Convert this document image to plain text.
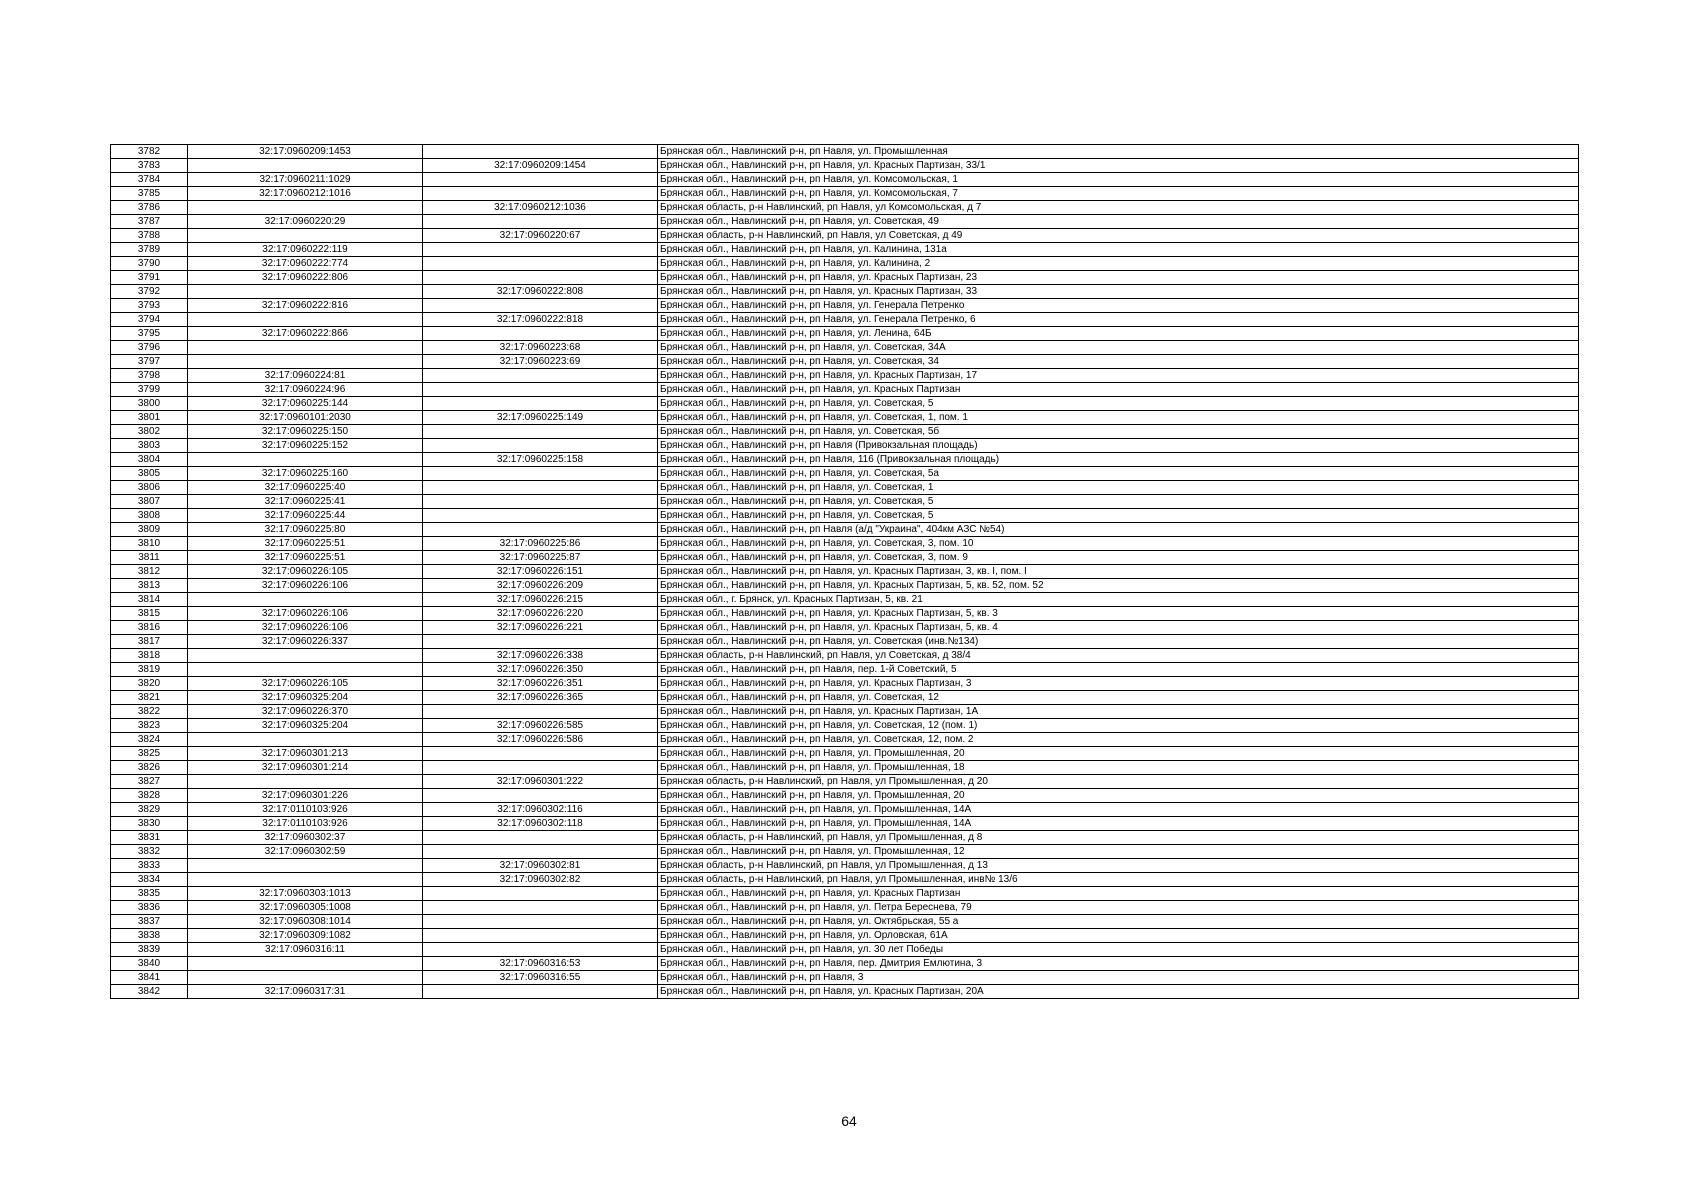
3782	32:17:0960209:1453		Брянская обл., Навлинский р-н, рп Навля, ул. Промышленная
3783		32:17:0960209:1454	Брянская обл., Навлинский р-н, рп Навля, ул. Красных Партизан, 33/1
3784	32:17:0960211:1029		Брянская обл., Навлинский р-н, рп Навля, ул. Комсомольская, 1
3785	32:17:0960212:1016		Брянская обл., Навлинский р-н, рп Навля, ул. Комсомольская, 7
3786		32:17:0960212:1036	Брянская область, р-н Навлинский, рп Навля, ул Комсомольская, д 7
3787	32:17:0960220:29		Брянская обл., Навлинский р-н, рп Навля, ул. Советская, 49
3788		32:17:0960220:67	Брянская область, р-н Навлинский, рп Навля, ул Советская, д 49
3789	32:17:0960222:119		Брянская обл., Навлинский р-н, рп Навля, ул. Калинина, 131а
3790	32:17:0960222:774		Брянская обл., Навлинский р-н, рп Навля, ул. Калинина, 2
3791	32:17:0960222:806		Брянская обл., Навлинский р-н, рп Навля, ул. Красных Партизан, 23
3792		32:17:0960222:808	Брянская обл., Навлинский р-н, рп Навля, ул. Красных Партизан, 33
3793	32:17:0960222:816		Брянская обл., Навлинский р-н, рп Навля, ул. Генерала Петренко
3794		32:17:0960222:818	Брянская обл., Навлинский р-н, рп Навля, ул. Генерала Петренко, 6
3795	32:17:0960222:866		Брянская обл., Навлинский р-н, рп Навля, ул. Ленина, 64Б
3796		32:17:0960223:68	Брянская обл., Навлинский р-н, рп Навля, ул. Советская, 34А
3797		32:17:0960223:69	Брянская обл., Навлинский р-н, рп Навля, ул. Советская, 34
3798	32:17:0960224:81		Брянская обл., Навлинский р-н, рп Навля, ул. Красных Партизан, 17
3799	32:17:0960224:96		Брянская обл., Навлинский р-н, рп Навля, ул. Красных Партизан
3800	32:17:0960225:144		Брянская обл., Навлинский р-н, рп Навля, ул. Советская, 5
3801	32:17:0960101:2030	32:17:0960225:149	Брянская обл., Навлинский р-н, рп Навля, ул. Советская, 1, пом. 1
3802	32:17:0960225:150		Брянская обл., Навлинский р-н, рп Навля, ул. Советская, 5б
3803	32:17:0960225:152		Брянская обл., Навлинский р-н, рп Навля (Привокзальная площадь)
3804		32:17:0960225:158	Брянская обл., Навлинский р-н, рп Навля, 116 (Привокзальная площадь)
3805	32:17:0960225:160		Брянская обл., Навлинский р-н, рп Навля, ул. Советская, 5а
3806	32:17:0960225:40		Брянская обл., Навлинский р-н, рп Навля, ул. Советская, 1
3807	32:17:0960225:41		Брянская обл., Навлинский р-н, рп Навля, ул. Советская, 5
3808	32:17:0960225:44		Брянская обл., Навлинский р-н, рп Навля, ул. Советская, 5
3809	32:17:0960225:80		Брянская обл., Навлинский р-н, рп Навля (а/д "Украина", 404км АЗС №54)
3810	32:17:0960225:51	32:17:0960225:86	Брянская обл., Навлинский р-н, рп Навля, ул. Советская, 3, пом. 10
3811	32:17:0960225:51	32:17:0960225:87	Брянская обл., Навлинский р-н, рп Навля, ул. Советская, 3, пом. 9
3812	32:17:0960226:105	32:17:0960226:151	Брянская обл., Навлинский р-н, рп Навля, ул. Красных Партизан, 3, кв. I, пом. I
3813	32:17:0960226:106	32:17:0960226:209	Брянская обл., Навлинский р-н, рп Навля, ул. Красных Партизан, 5, кв. 52, пом. 52
3814		32:17:0960226:215	Брянская обл., г. Брянск, ул. Красных Партизан, 5, кв. 21
3815	32:17:0960226:106	32:17:0960226:220	Брянская обл., Навлинский р-н, рп Навля, ул. Красных Партизан, 5, кв. 3
3816	32:17:0960226:106	32:17:0960226:221	Брянская обл., Навлинский р-н, рп Навля, ул. Красных Партизан, 5, кв. 4
3817	32:17:0960226:337		Брянская обл., Навлинский р-н, рп Навля, ул. Советская (инв.№134)
3818		32:17:0960226:338	Брянская область, р-н Навлинский, рп Навля, ул Советская, д 38/4
3819		32:17:0960226:350	Брянская обл., Навлинский р-н, рп Навля, пер. 1-й Советский, 5
3820	32:17:0960226:105	32:17:0960226:351	Брянская обл., Навлинский р-н, рп Навля, ул. Красных Партизан, 3
3821	32:17:0960325:204	32:17:0960226:365	Брянская обл., Навлинский р-н, рп Навля, ул. Советская, 12
3822	32:17:0960226:370		Брянская обл., Навлинский р-н, рп Навля, ул. Красных Партизан, 1А
3823	32:17:0960325:204	32:17:0960226:585	Брянская обл., Навлинский р-н, рп Навля, ул. Советская, 12 (пом. 1)
3824		32:17:0960226:586	Брянская обл., Навлинский р-н, рп Навля, ул. Советская, 12, пом. 2
3825	32:17:0960301:213		Брянская обл., Навлинский р-н, рп Навля, ул. Промышленная, 20
3826	32:17:0960301:214		Брянская обл., Навлинский р-н, рп Навля, ул. Промышленная, 18
3827		32:17:0960301:222	Брянская область, р-н Навлинский, рп Навля, ул Промышленная, д 20
3828	32:17:0960301:226		Брянская обл., Навлинский р-н, рп Навля, ул. Промышленная, 20
3829	32:17:0110103:926	32:17:0960302:116	Брянская обл., Навлинский р-н, рп Навля, ул. Промышленная, 14А
3830	32:17:0110103:926	32:17:0960302:118	Брянская обл., Навлинский р-н, рп Навля, ул. Промышленная, 14А
3831	32:17:0960302:37		Брянская область, р-н Навлинский, рп Навля, ул Промышленная, д 8
3832	32:17:0960302:59		Брянская обл., Навлинский р-н, рп Навля, ул. Промышленная, 12
3833		32:17:0960302:81	Брянская область, р-н Навлинский, рп Навля, ул Промышленная, д 13
3834		32:17:0960302:82	Брянская область, р-н Навлинский, рп Навля, ул Промышленная, инв№ 13/6
3835	32:17:0960303:1013		Брянская обл., Навлинский р-н, рп Навля, ул. Красных Партизан
3836	32:17:0960305:1008		Брянская обл., Навлинский р-н, рп Навля, ул. Петра Береснева, 79
3837	32:17:0960308:1014		Брянская обл., Навлинский р-н, рп Навля, ул. Октябрьская, 55 а
3838	32:17:0960309:1082		Брянская обл., Навлинский р-н, рп Навля, ул. Орловская, 61А
3839	32:17:0960316:11		Брянская обл., Навлинский р-н, рп Навля, ул. 30 лет Победы
3840		32:17:0960316:53	Брянская обл., Навлинский р-н, рп Навля, пер. Дмитрия Емлютина, 3
3841		32:17:0960316:55	Брянская обл., Навлинский р-н, рп Навля, 3
3842	32:17:0960317:31		Брянская обл., Навлинский р-н, рп Навля, ул. Красных Партизан, 20А
64
